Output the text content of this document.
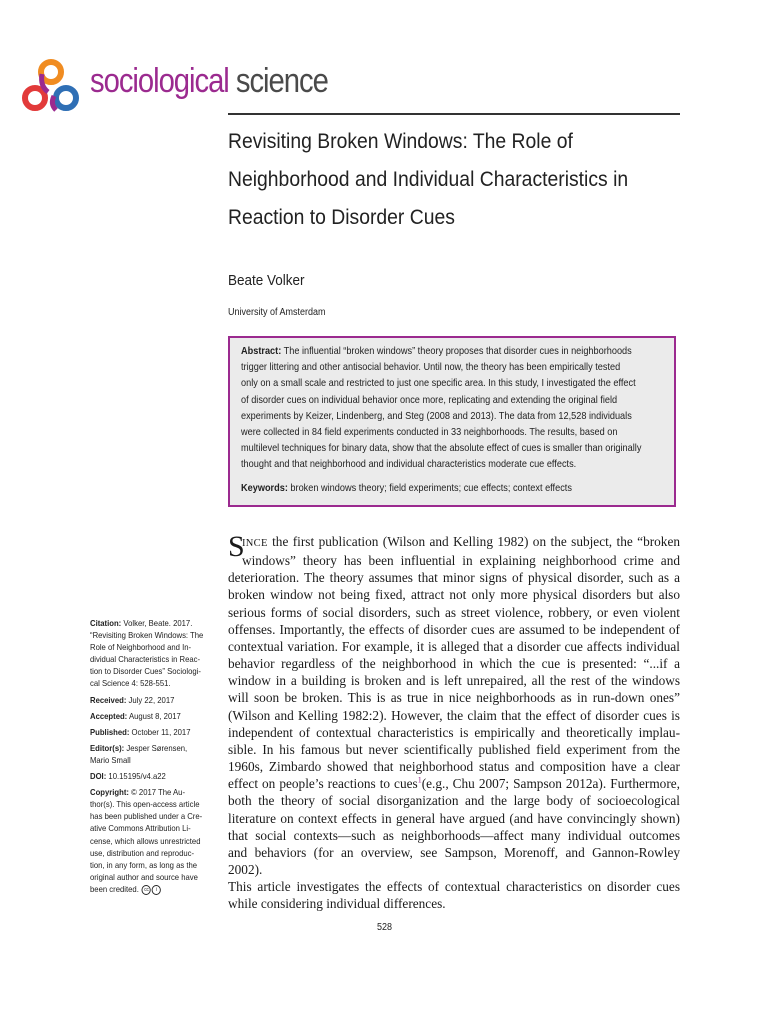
sociological science
Revisiting Broken Windows: The Role of
Neighborhood and Individual Characteristics in
Reaction to Disorder Cues
Beate Volker
University of Amsterdam

Abstract: The influential “broken windows” theory proposes that disorder cues in neighborhoods

trigger littering and other antisocial behavior. Until now, the theory has been empirically tested

only on a small scale and restricted to just one specific area. In this study, I investigated the effect

of disorder cues on individual behavior once more, replicating and extending the original field

experiments by Keizer, Lindenberg, and Steg (2008 and 2013). The data from 12,528 individuals

were collected in 84 field experiments conducted in 33 neighborhoods. The results, based on

multilevel techniques for binary data, show that the absolute effect of cues is smaller than originally

thought and that neighborhood and individual characteristics moderate cue effects.

Keywords: broken windows theory; field experiments; cue effects; context effects

S
INCE the first publication (Wilson and Kelling 1982) on the subject, the “broken
windows” theory has been influential in explaining neighborhood crime and
deterioration. The theory assumes that minor signs of physical disorder, such as a
broken window not being fixed, attract not only more physical disorders but also
serious forms of social disorders, such as street violence, robbery, or even violent
offenses. Importantly, the effects of disorder cues are assumed to be independent of
contextual variation. For example, it is alleged that a disorder cue affects individual
behavior regardless of the neighborhood in which the cue is presented: “...if a
window in a building is broken and is left unrepaired, all the rest of the windows
will soon be broken. This is as true in nice neighborhoods as in run-down ones”
(Wilson and Kelling 1982:2). However, the claim that the effect of disorder cues is
independent of contextual characteristics is empirically and theoretically implau-
sible. In his famous but never scientifically published field experiment from the
1960s, Zimbardo showed that neighborhood status and composition have a clear
effect on people’s reactions to cues$^1$(e.g., Chu 2007; Sampson 2012a). Furthermore,
both the theory of social disorganization and the large body of socioecological
literature on context effects in general have argued (and have convincingly shown)
that social contexts—such as neighborhoods—affect many individual outcomes
and behaviors (for an overview, see Sampson, Morenoff, and Gannon-Rowley 2002).
This article investigates the effects of contextual characteristics on disorder cues
while considering individual differences.

Citation: Volker, Beate. 2017.
“Revisiting Broken Windows: The
Role of Neighborhood and In-
dividual Characteristics in Reac-
tion to Disorder Cues” Sociologi-
cal Science 4: 528-551.

Received: July 22, 2017

Accepted: August 8, 2017

Published: October 11, 2017

Editor(s): Jesper Sørensen,
Mario Small

DOI: 10.15195/v4.a22

Copyright: © 2017 The Au-
thor(s). This open-access article
has been published under a Cre-
ative Commons Attribution Li-
cense, which allows unrestricted
use, distribution and reproduc-
tion, in any form, as long as the
original author and source have
been credited. cc i

528
